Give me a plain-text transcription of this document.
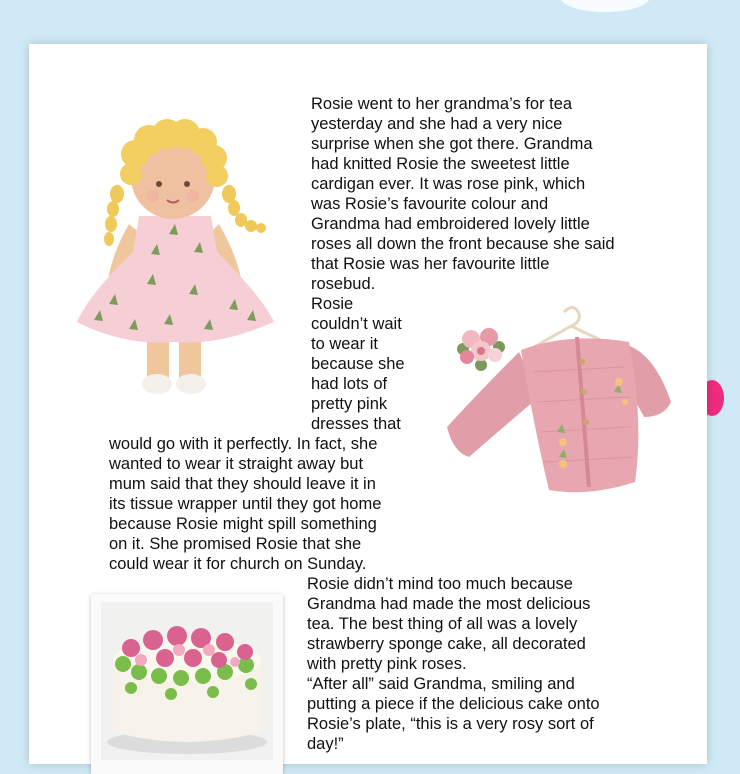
Rosie went to her grandma’s for tea
yesterday and she had a very nice
surprise when she got there. Grandma
had knitted Rosie the sweetest little
cardigan ever. It was rose pink, which
was Rosie’s favourite colour and
Grandma had embroidered lovely little
roses all down the front because she said
that Rosie was her favourite little
rosebud.
Rosie
couldn’t wait
to wear it
because she
had lots of
pretty pink
dresses that
would go with it perfectly. In fact, she
wanted to wear it straight away but
mum said that they should leave it in
its tissue wrapper until they got home
because Rosie might spill something
on it. She promised Rosie that she
could wear it for church on Sunday.
Rosie didn’t mind too much because
Grandma had made the most delicious
tea. The best thing of all was a lovely
strawberry sponge cake, all decorated
with pretty pink roses.
“After all” said Grandma, smiling and
putting a piece if the delicious cake onto
Rosie’s plate, “this is a very rosy sort of
day!”
